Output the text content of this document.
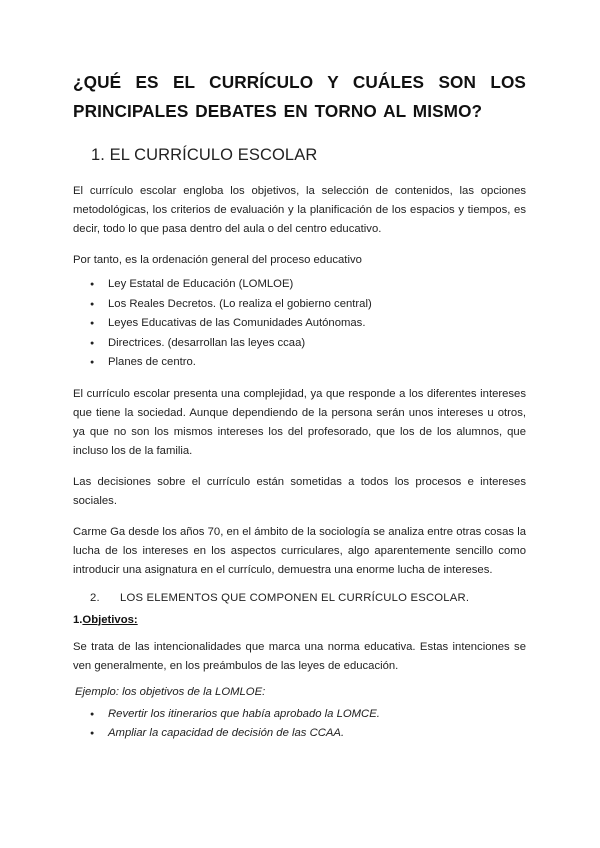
¿QUÉ ES EL CURRÍCULO Y CUÁLES SON LOS PRINCIPALES DEBATES EN TORNO AL MISMO?
1. EL CURRÍCULO ESCOLAR

El currículo escolar engloba los objetivos, la selección de contenidos, las opciones metodológicas, los criterios de evaluación y la planificación de los espacios y tiempos, es decir, todo lo que pasa dentro del aula o del centro educativo.

Por tanto, es la ordenación general del proceso educativo

● Ley Estatal de Educación (LOMLOE)
● Los Reales Decretos. (Lo realiza el gobierno central)
● Leyes Educativas de las Comunidades Autónomas.
● Directrices. (desarrollan las leyes ccaa)
● Planes de centro.

El currículo escolar presenta una complejidad, ya que responde a los diferentes intereses que tiene la sociedad. Aunque dependiendo de la persona serán unos intereses u otros, ya que no son los mismos intereses los del profesorado, que los de los alumnos, que incluso los de la familia.

Las decisiones sobre el currículo están sometidas a todos los procesos e intereses sociales.

Carme Ga desde los años 70, en el ámbito de la sociología se analiza entre otras cosas la lucha de los intereses en los aspectos curriculares, algo aparentemente sencillo como introducir una asignatura en el currículo, demuestra una enorme lucha de intereses.

2. LOS ELEMENTOS QUE COMPONEN EL CURRÍCULO ESCOLAR.
1.Objetivos:

Se trata de las intencionalidades que marca una norma educativa. Estas intenciones se ven generalmente, en los preámbulos de las leyes de educación.

Ejemplo: los objetivos de la LOMLOE:
● Revertir los itinerarios que había aprobado la LOMCE.
● Ampliar la capacidad de decisión de las CCAA.
